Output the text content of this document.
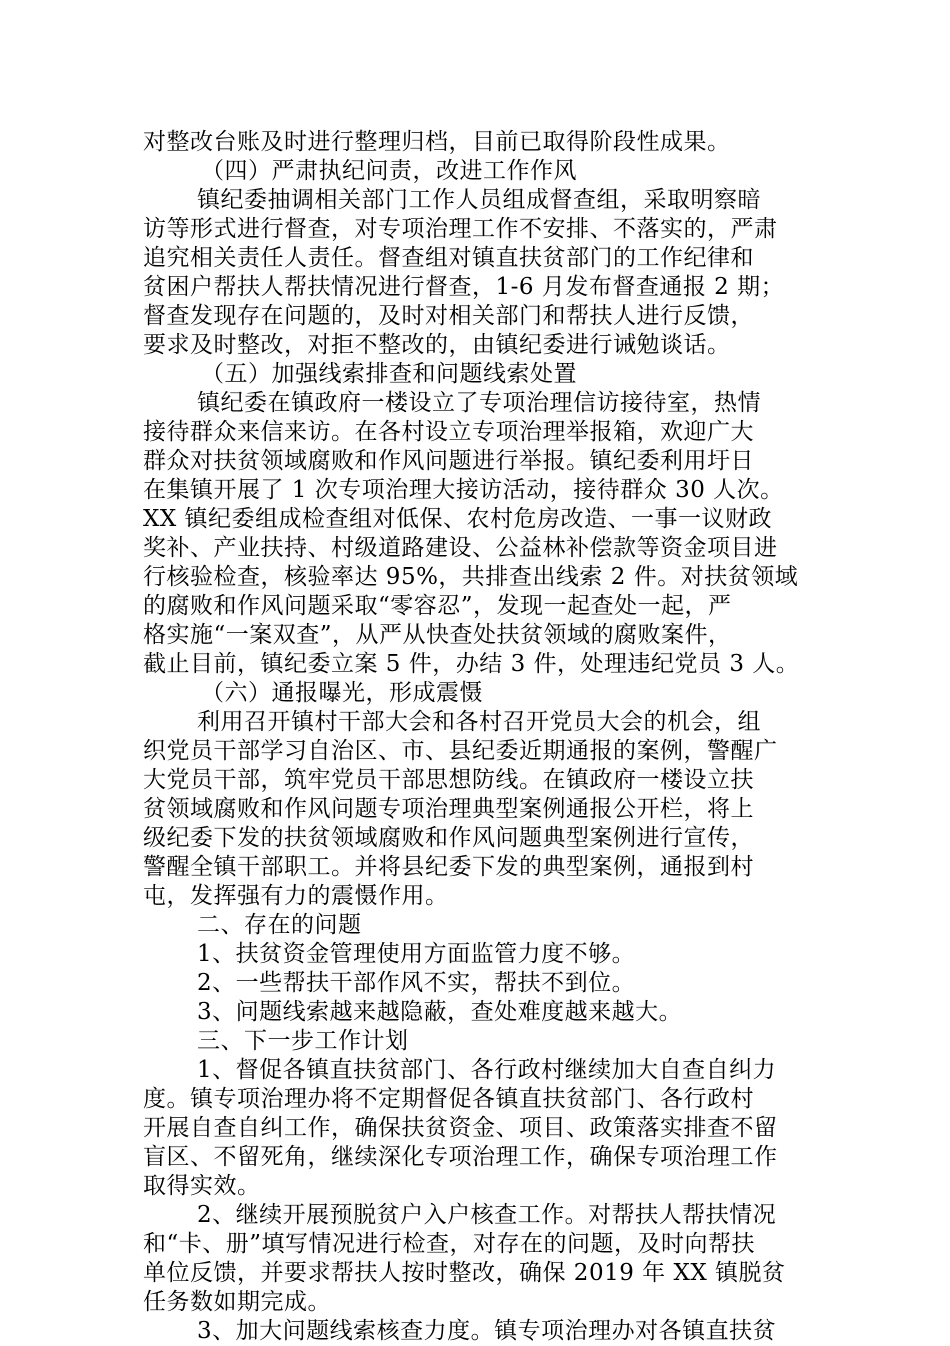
对整改台账及时进行整理归档，目前已取得阶段性成果。
（四）严肃执纪问责，改进工作作风
镇纪委抽调相关部门工作人员组成督查组，采取明察暗
访等形式进行督查，对专项治理工作不安排、不落实的，严肃
追究相关责任人责任。督查组对镇直扶贫部门的工作纪律和
贫困户帮扶人帮扶情况进行督查，1-6 月发布督查通报 2 期；
督查发现存在问题的，及时对相关部门和帮扶人进行反馈，
要求及时整改，对拒不整改的，由镇纪委进行诫勉谈话。
（五）加强线索排查和问题线索处置
镇纪委在镇政府一楼设立了专项治理信访接待室，热情
接待群众来信来访。在各村设立专项治理举报箱，欢迎广大
群众对扶贫领域腐败和作风问题进行举报。镇纪委利用圩日
在集镇开展了 1 次专项治理大接访活动，接待群众 30 人次。
XX 镇纪委组成检查组对低保、农村危房改造、一事一议财政
奖补、产业扶持、村级道路建设、公益林补偿款等资金项目进
行核验检查，核验率达 95%，共排查出线索 2 件。对扶贫领域
的腐败和作风问题采取“零容忍”，发现一起查处一起，严
格实施“一案双查”，从严从快查处扶贫领域的腐败案件，
截止目前，镇纪委立案 5 件，办结 3 件，处理违纪党员 3 人。
（六）通报曝光，形成震慑
利用召开镇村干部大会和各村召开党员大会的机会，组
织党员干部学习自治区、市、县纪委近期通报的案例，警醒广
大党员干部，筑牢党员干部思想防线。在镇政府一楼设立扶
贫领域腐败和作风问题专项治理典型案例通报公开栏，将上
级纪委下发的扶贫领域腐败和作风问题典型案例进行宣传，
警醒全镇干部职工。并将县纪委下发的典型案例，通报到村
屯，发挥强有力的震慑作用。
二、存在的问题
1、扶贫资金管理使用方面监管力度不够。
2、一些帮扶干部作风不实，帮扶不到位。
3、问题线索越来越隐蔽，查处难度越来越大。
三、下一步工作计划
1、督促各镇直扶贫部门、各行政村继续加大自查自纠力
度。镇专项治理办将不定期督促各镇直扶贫部门、各行政村
开展自查自纠工作，确保扶贫资金、项目、政策落实排查不留
盲区、不留死角，继续深化专项治理工作，确保专项治理工作
取得实效。
2、继续开展预脱贫户入户核查工作。对帮扶人帮扶情况
和“卡、册”填写情况进行检查，对存在的问题，及时向帮扶
单位反馈，并要求帮扶人按时整改，确保 2019 年 XX 镇脱贫
任务数如期完成。
3、加大问题线索核查力度。镇专项治理办对各镇直扶贫
